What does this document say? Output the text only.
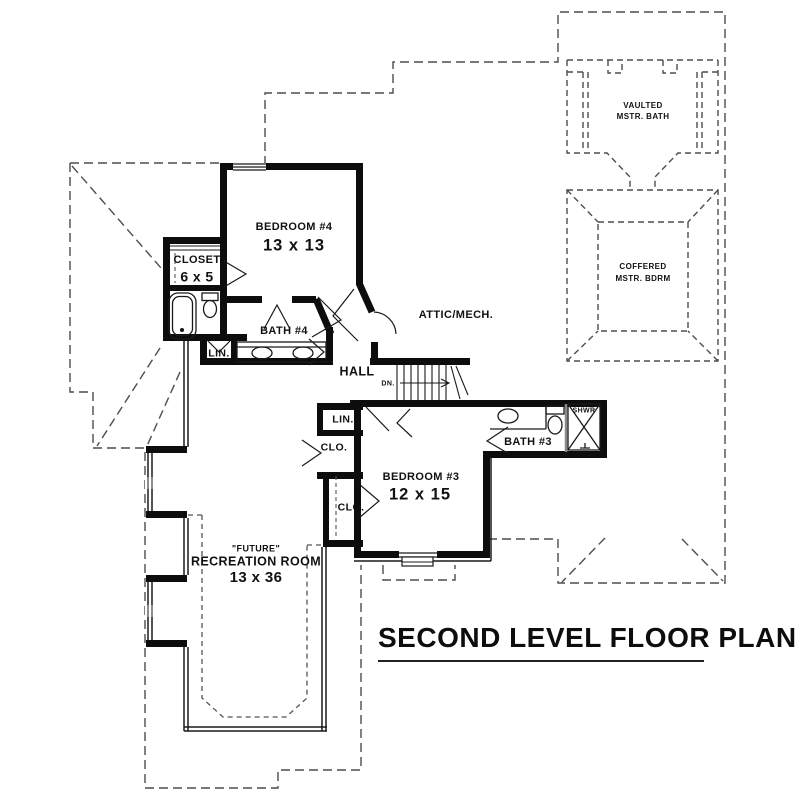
BEDROOM #4
13 x 13
CLOSET
6 x 5
BATH #4
LIN.
HALL
DN.
ATTIC/MECH.
LIN.
CLO.
CLO.
BEDROOM #3
12 x 15
BATH #3
SHWR
VAULTED
MSTR. BATH
COFFERED
MSTR. BDRM
"FUTURE"
RECREATION ROOM
13 x 36
SECOND LEVEL FLOOR PLAN
